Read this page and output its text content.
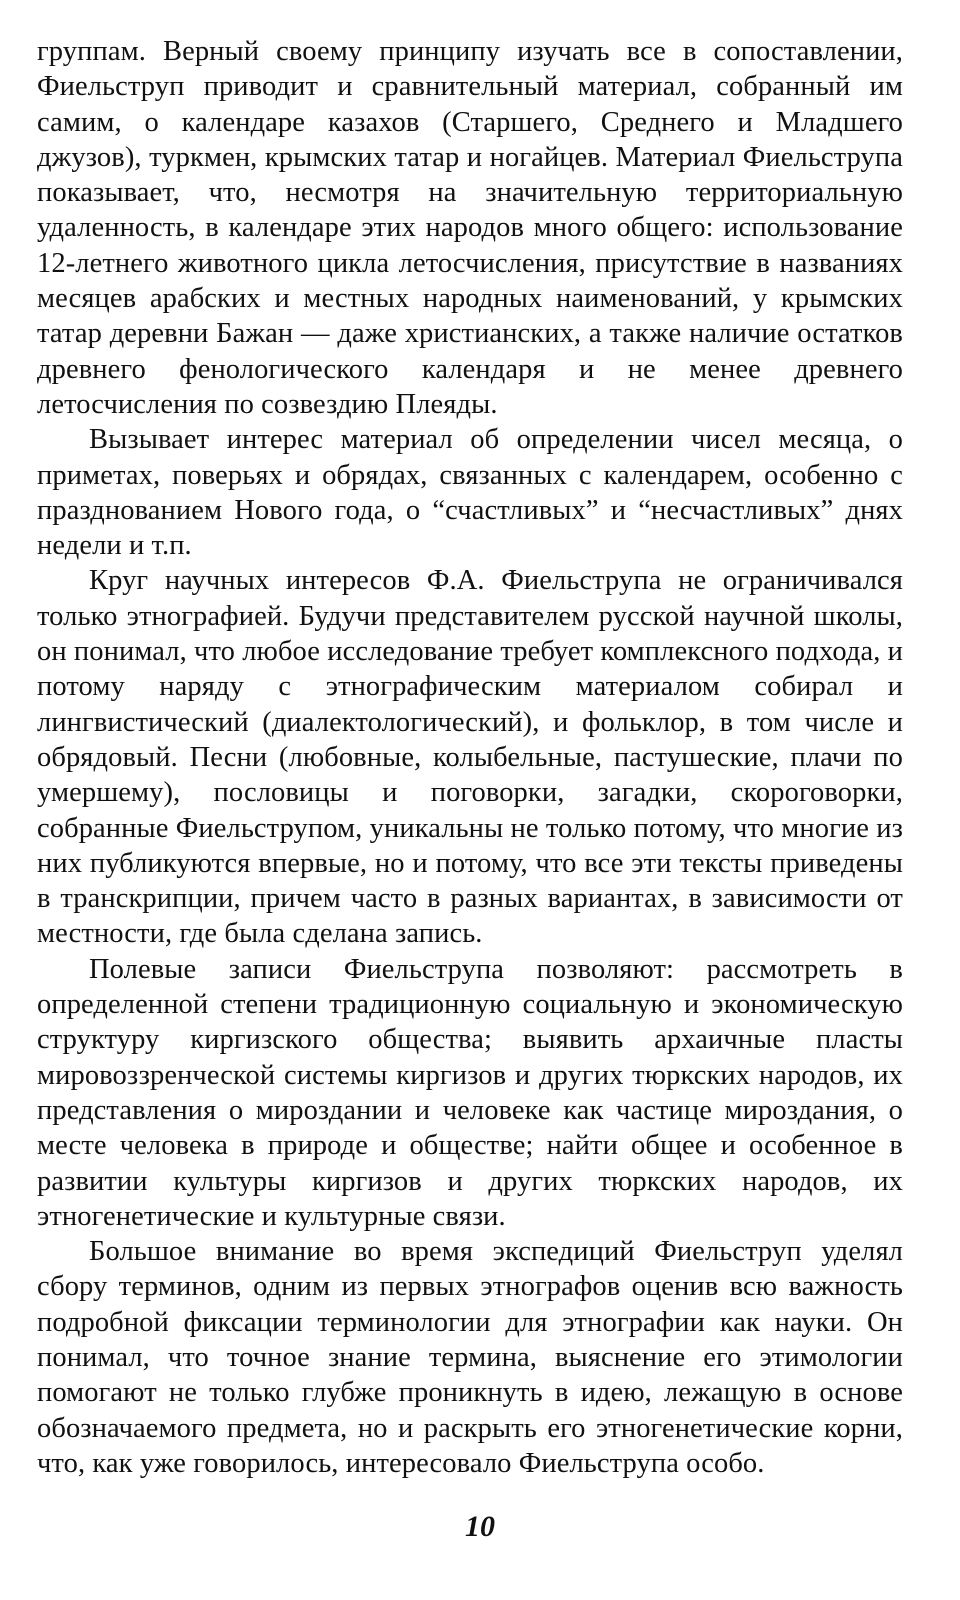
группам. Верный своему принципу изучать все в сопоставлении, Фиельструп приводит и сравнительный материал, собранный им самим, о календаре казахов (Старшего, Среднего и Младшего джузов), туркмен, крымских татар и ногайцев. Материал Фиельструпа показывает, что, несмотря на значительную территориальную удаленность, в календаре этих народов много общего: использование 12-летнего животного цикла летосчисления, присутствие в названиях месяцев арабских и местных народных наименований, у крымских татар деревни Бажан — даже христианских, а также наличие остатков древнего фенологического календаря и не менее древнего летосчисления по созвездию Плеяды.

Вызывает интерес материал об определении чисел месяца, о приметах, поверьях и обрядах, связанных с календарем, особенно с празднованием Нового года, о “счастливых” и “несчастливых” днях недели и т.п.

Круг научных интересов Ф.А. Фиельструпа не ограничивался только этнографией. Будучи представителем русской научной школы, он понимал, что любое исследование требует комплексного подхода, и потому наряду с этнографическим материалом собирал и лингвистический (диалектологический), и фольклор, в том числе и обрядовый. Песни (любовные, колыбельные, пастушеские, плачи по умершему), пословицы и поговорки, загадки, скороговорки, собранные Фиельструпом, уникальны не только потому, что многие из них публикуются впервые, но и потому, что все эти тексты приведены в транскрипции, причем часто в разных вариантах, в зависимости от местности, где была сделана запись.

Полевые записи Фиельструпа позволяют: рассмотреть в определенной степени традиционную социальную и экономическую структуру киргизского общества; выявить архаичные пласты мировоззренческой системы киргизов и других тюркских народов, их представления о мироздании и человеке как частице мироздания, о месте человека в природе и обществе; найти общее и особенное в развитии культуры киргизов и других тюркских народов, их этногенетические и культурные связи.

Большое внимание во время экспедиций Фиельструп уделял сбору терминов, одним из первых этнографов оценив всю важность подробной фиксации терминологии для этнографии как науки. Он понимал, что точное знание термина, выяснение его этимологии помогают не только глубже проникнуть в идею, лежащую в основе обозначаемого предмета, но и раскрыть его этногенетические корни, что, как уже говорилось, интересовало Фиельструпа особо.

10
